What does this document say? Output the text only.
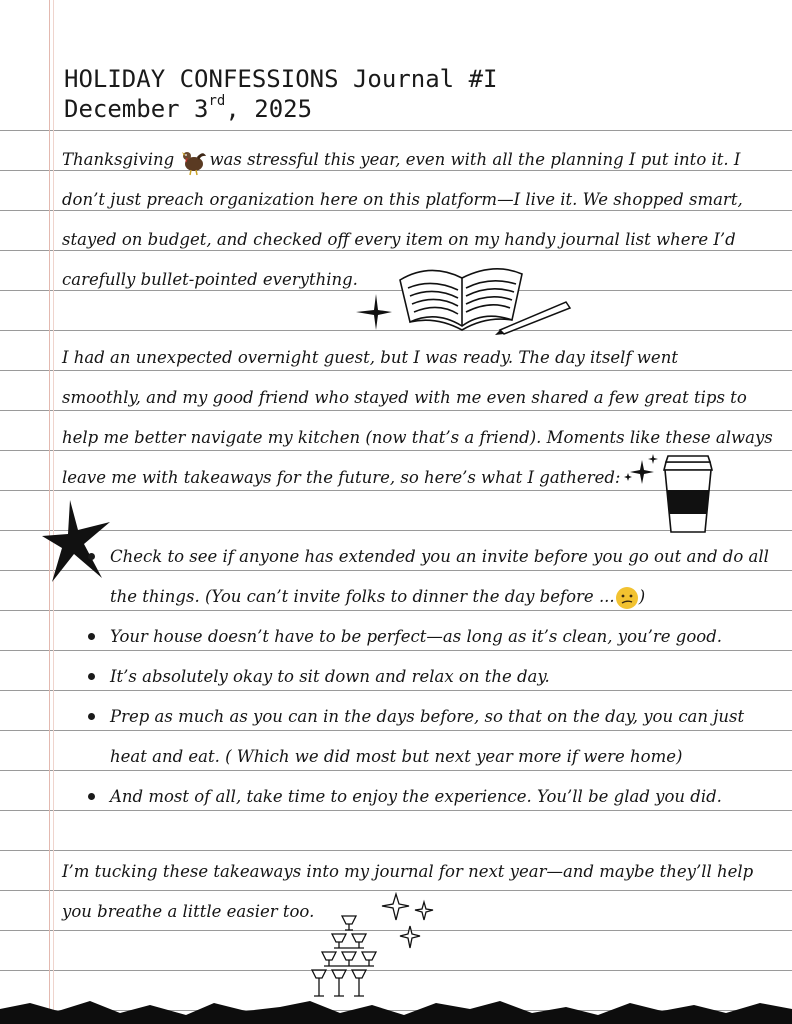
HOLIDAY CONFESSIONS Journal #I
December 3rd, 2025
Thanksgiving was stressful this year, even with all the planning I put into it. I
don’t just preach organization here on this platform—I live it. We shopped smart,
stayed on budget, and checked off every item on my handy journal list where I’d
carefully bullet-pointed everything.
I had an unexpected overnight guest, but I was ready. The day itself went
smoothly, and my good friend who stayed with me even shared a few great tips to
help me better navigate my kitchen (now that’s a friend). Moments like these always
leave me with takeaways for the future, so here’s what I gathered:
Check to see if anyone has extended you an invite before you go out and do all
the things. (You can’t invite folks to dinner the day before ... )
Your house doesn’t have to be perfect—as long as it’s clean, you’re good.
It’s absolutely okay to sit down and relax on the day.
Prep as much as you can in the days before, so that on the day, you can just
heat and eat. ( Which we did most but next year more if were home)
And most of all, take time to enjoy the experience. You’ll be glad you did.
I’m tucking these takeaways into my journal for next year—and maybe they’ll help
you breathe a little easier too.
